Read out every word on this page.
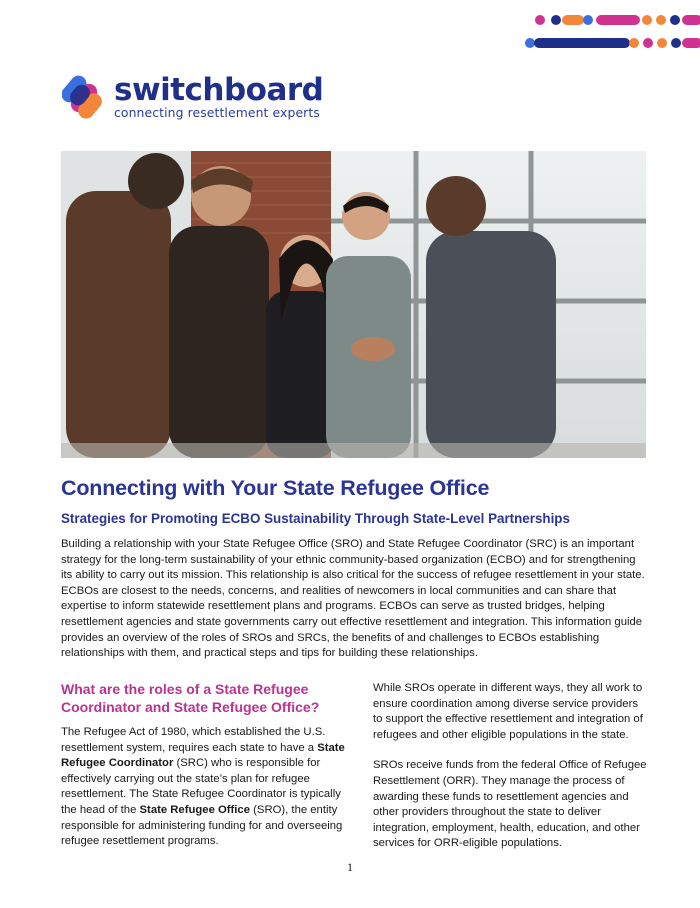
switchboard
connecting resettlement experts
Connecting with Your State Refugee Office
Strategies for Promoting ECBO Sustainability Through State-Level Partnerships

Building a relationship with your State Refugee Office (SRO) and State Refugee Coordinator (SRC) is an important strategy for the long-term sustainability of your ethnic community-based organization (ECBO) and for strengthening its ability to carry out its mission. This relationship is also critical for the success of refugee resettlement in your state. ECBOs are closest to the needs, concerns, and realities of newcomers in local communities and can share that expertise to inform statewide resettlement plans and programs. ECBOs can serve as trusted bridges, helping resettlement agencies and state governments carry out effective resettlement and integration. This information guide provides an overview of the roles of SROs and SRCs, the benefits of and challenges to ECBOs establishing relationships with them, and practical steps and tips for building these relationships.

What are the roles of a State Refugee Coordinator and State Refugee Office?

The Refugee Act of 1980, which established the U.S. resettlement system, requires each state to have a State Refugee Coordinator (SRC) who is responsible for effectively carrying out the state’s plan for refugee resettlement. The State Refugee Coordinator is typically the head of the State Refugee Office (SRO), the entity responsible for administering funding for and overseeing refugee resettlement programs.

While SROs operate in different ways, they all work to ensure coordination among diverse service providers to support the effective resettlement and integration of refugees and other eligible populations in the state.

SROs receive funds from the federal Office of Refugee Resettlement (ORR). They manage the process of awarding these funds to resettlement agencies and other providers throughout the state to deliver integration, employment, health, education, and other services for ORR-eligible populations.

1
